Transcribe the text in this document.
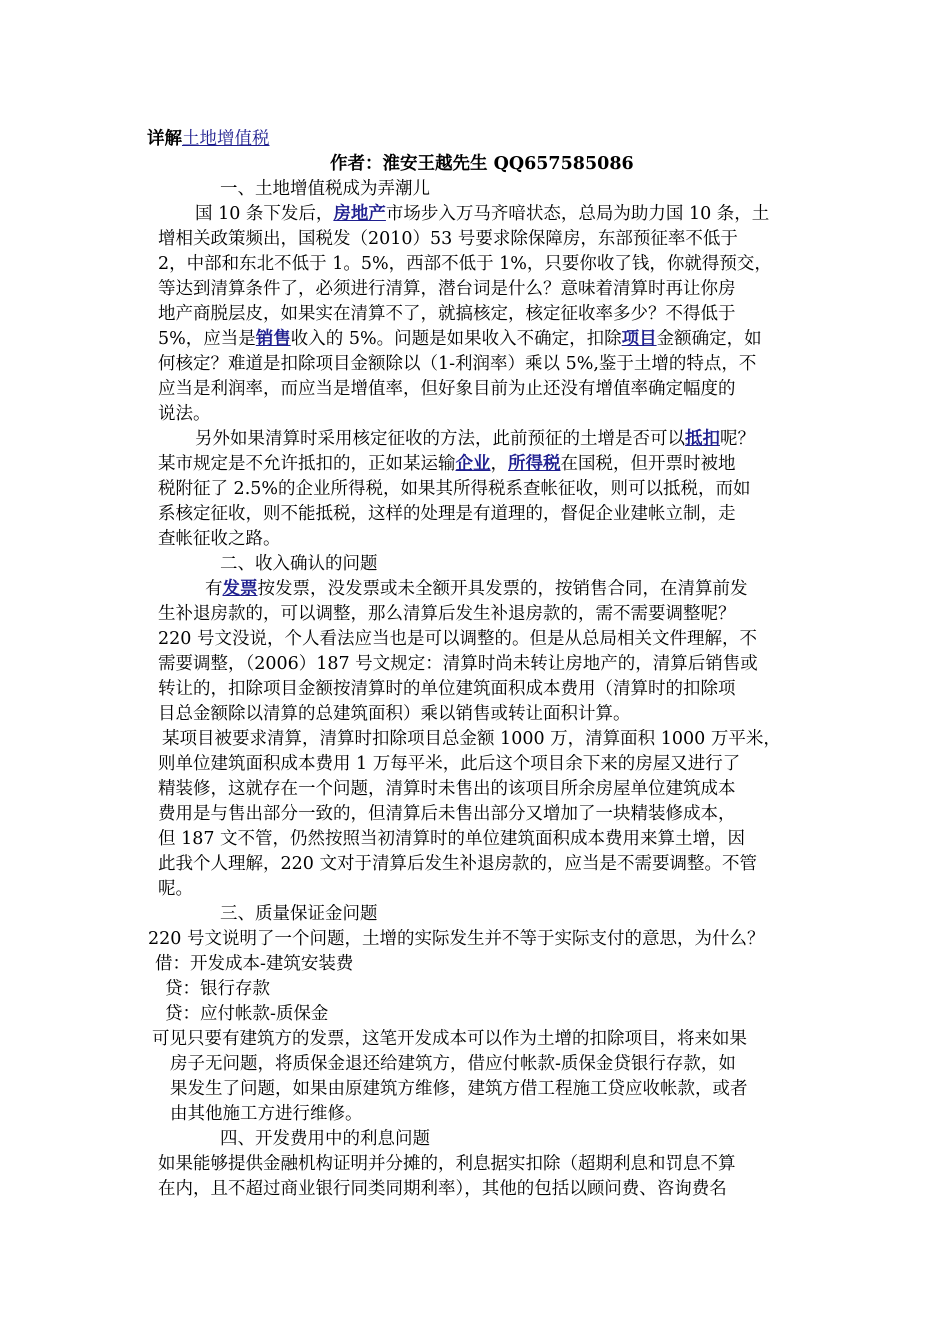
详解土地增值税
作者：淮安王越先生 QQ657585086
一、土地增值税成为弄潮儿
国 10 条下发后，房地产市场步入万马齐喑状态，总局为助力国 10 条，土
增相关政策频出，国税发（2010）53 号要求除保障房，东部预征率不低于
2，中部和东北不低于 1。5%，西部不低于 1%，只要你收了钱，你就得预交，
等达到清算条件了，必须进行清算，潜台词是什么？意味着清算时再让你房
地产商脱层皮，如果实在清算不了，就搞核定，核定征收率多少？不得低于
5%，应当是销售收入的 5%。问题是如果收入不确定，扣除项目金额确定，如
何核定？难道是扣除项目金额除以（1-利润率）乘以 5%,鉴于土增的特点，不
应当是利润率，而应当是增值率，但好象目前为止还没有增值率确定幅度的
说法。
另外如果清算时采用核定征收的方法，此前预征的土增是否可以抵扣呢？
某市规定是不允许抵扣的，正如某运输企业，所得税在国税，但开票时被地
税附征了 2.5%的企业所得税，如果其所得税系查帐征收，则可以抵税，而如
系核定征收，则不能抵税，这样的处理是有道理的，督促企业建帐立制，走
查帐征收之路。
二、收入确认的问题
有发票按发票，没发票或未全额开具发票的，按销售合同，在清算前发
生补退房款的，可以调整，那么清算后发生补退房款的，需不需要调整呢？
220 号文没说，个人看法应当也是可以调整的。但是从总局相关文件理解，不
需要调整，（2006）187 号文规定：清算时尚未转让房地产的，清算后销售或
转让的，扣除项目金额按清算时的单位建筑面积成本费用（清算时的扣除项
目总金额除以清算的总建筑面积）乘以销售或转让面积计算。
某项目被要求清算，清算时扣除项目总金额 1000 万，清算面积 1000 万平米，
则单位建筑面积成本费用 1 万每平米，此后这个项目余下来的房屋又进行了
精装修，这就存在一个问题，清算时未售出的该项目所余房屋单位建筑成本
费用是与售出部分一致的，但清算后未售出部分又增加了一块精装修成本，
但 187 文不管，仍然按照当初清算时的单位建筑面积成本费用来算土增，因
此我个人理解，220 文对于清算后发生补退房款的，应当是不需要调整。不管
呢。
三、质量保证金问题
220 号文说明了一个问题，土增的实际发生并不等于实际支付的意思，为什么？
借：开发成本-建筑安装费
贷：银行存款
贷：应付帐款-质保金
可见只要有建筑方的发票，这笔开发成本可以作为土增的扣除项目，将来如果
房子无问题，将质保金退还给建筑方，借应付帐款-质保金贷银行存款，如
果发生了问题，如果由原建筑方维修，建筑方借工程施工贷应收帐款，或者
由其他施工方进行维修。
四、开发费用中的利息问题
如果能够提供金融机构证明并分摊的，利息据实扣除（超期利息和罚息不算
在内，且不超过商业银行同类同期利率），其他的包括以顾问费、咨询费名
